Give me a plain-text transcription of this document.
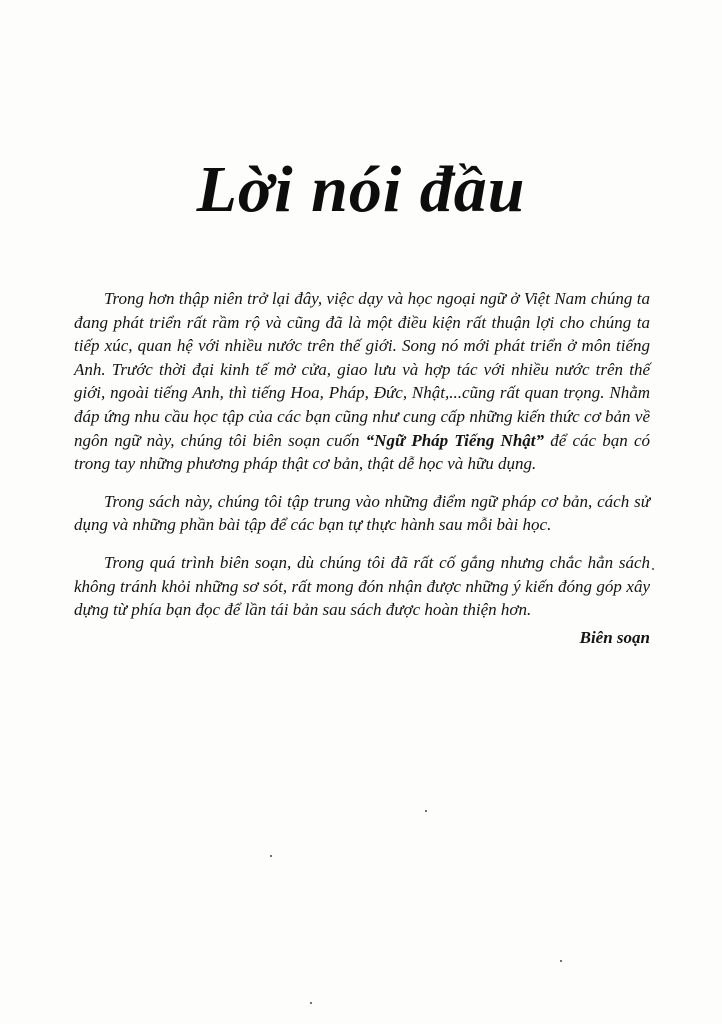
Lời nói đầu

Trong hơn thập niên trở lại đây, việc dạy và học ngoại ngữ ở Việt Nam chúng ta đang phát triển rất rầm rộ và cũng đã là một điều kiện rất thuận lợi cho chúng ta tiếp xúc, quan hệ với nhiều nước trên thế giới. Song nó mới phát triển ở môn tiếng Anh. Trước thời đại kinh tế mở cửa, giao lưu và hợp tác với nhiều nước trên thế giới, ngoài tiếng Anh, thì tiếng Hoa, Pháp, Đức, Nhật,...cũng rất quan trọng. Nhằm đáp ứng nhu cầu học tập của các bạn cũng như cung cấp những kiến thức cơ bản về ngôn ngữ này, chúng tôi biên soạn cuốn “Ngữ Pháp Tiếng Nhật” để các bạn có trong tay những phương pháp thật cơ bản, thật dễ học và hữu dụng.

Trong sách này, chúng tôi tập trung vào những điểm ngữ pháp cơ bản, cách sử dụng và những phần bài tập để các bạn tự thực hành sau mỗi bài học.

Trong quá trình biên soạn, dù chúng tôi đã rất cố gắng nhưng chắc hẳn sách không tránh khỏi những sơ sót, rất mong đón nhận được những ý kiến đóng góp xây dựng từ phía bạn đọc để lần tái bản sau sách được hoàn thiện hơn.

Biên soạn
